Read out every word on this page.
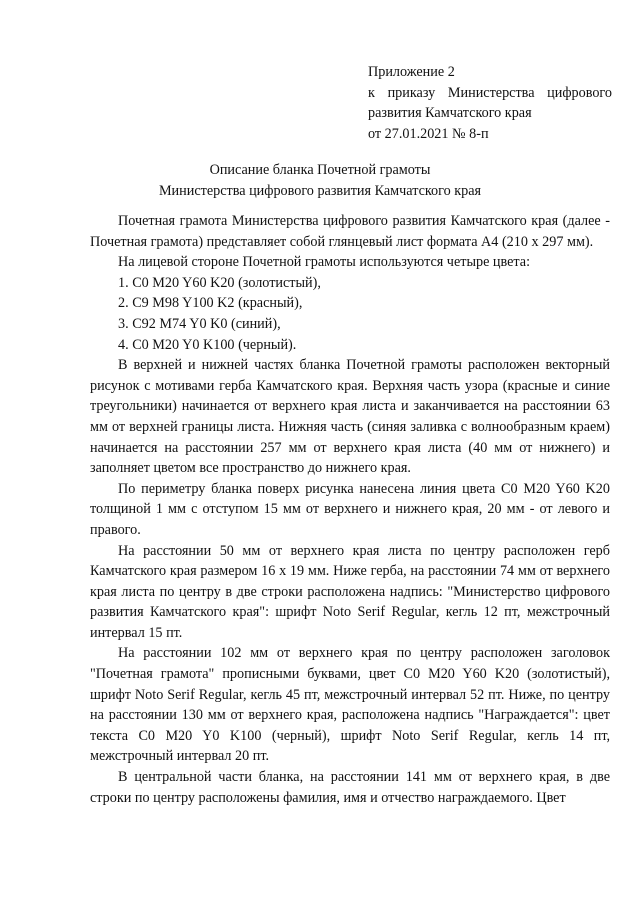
Приложение 2
к приказу Министерства цифрового
развития Камчатского края
от 27.01.2021 № 8-п
Описание бланка Почетной грамоты
Министерства цифрового развития Камчатского края

Почетная грамота Министерства цифрового развития Камчатского края (далее - Почетная грамота) представляет собой глянцевый лист формата А4 (210 х 297 мм).

На лицевой стороне Почетной грамоты используются четыре цвета:

1. C0 M20 Y60 K20 (золотистый),

2. C9 M98 Y100 K2 (красный),

3. C92 M74 Y0 K0 (синий),

4. C0 M20 Y0 K100 (черный).

В верхней и нижней частях бланка Почетной грамоты расположен векторный рисунок с мотивами герба Камчатского края. Верхняя часть узора (красные и синие треугольники) начинается от верхнего края листа и заканчивается на расстоянии 63 мм от верхней границы листа. Нижняя часть (синяя заливка с волнообразным краем) начинается на расстоянии 257 мм от верхнего края листа (40 мм от нижнего) и заполняет цветом все пространство до нижнего края.

По периметру бланка поверх рисунка нанесена линия цвета C0 M20 Y60 K20 толщиной 1 мм с отступом 15 мм от верхнего и нижнего края, 20 мм - от левого и правого.

На расстоянии 50 мм от верхнего края листа по центру расположен герб Камчатского края размером 16 х 19 мм. Ниже герба, на расстоянии 74 мм от верхнего края листа по центру в две строки расположена надпись: "Министерство цифрового развития Камчатского края": шрифт Noto Serif Regular, кегль 12 пт, межстрочный интервал 15 пт.

На расстоянии 102 мм от верхнего края по центру расположен заголовок "Почетная грамота" прописными буквами, цвет C0 M20 Y60 K20 (золотистый), шрифт Noto Serif Regular, кегль 45 пт, межстрочный интервал 52 пт. Ниже, по центру на расстоянии 130 мм от верхнего края, расположена надпись "Награждается": цвет текста C0 M20 Y0 K100 (черный), шрифт Noto Serif Regular, кегль 14 пт, межстрочный интервал 20 пт.

В центральной части бланка, на расстоянии 141 мм от верхнего края, в две строки по центру расположены фамилия, имя и отчество награждаемого. Цвет
